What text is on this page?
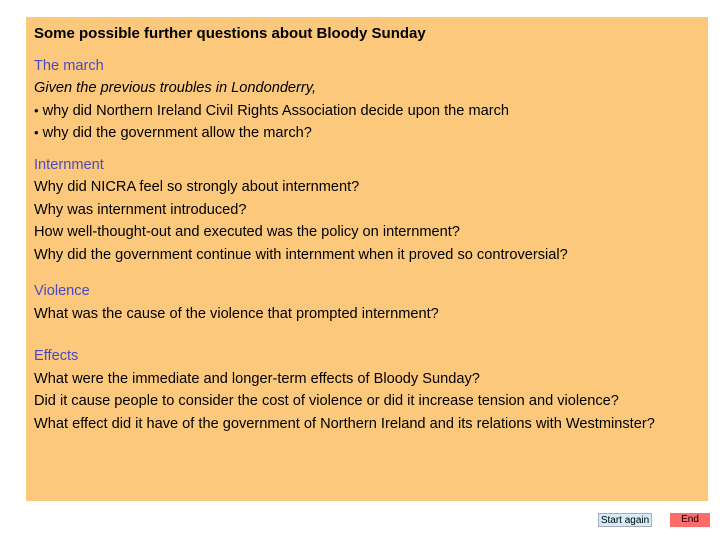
Some possible further questions about Bloody Sunday
The march
Given the previous troubles in Londonderry,
• why did Northern Ireland Civil Rights Association decide upon the march
• why did the government allow the march?
Internment
Why did NICRA feel so strongly about internment?
Why was internment introduced?
How well-thought-out and executed was the policy on internment?
Why did the government continue with internment when it proved so controversial?
Violence
What was the cause of the violence that prompted internment?
Effects
What were the immediate and longer-term effects of Bloody Sunday?
Did it cause people to consider the cost of violence or did it increase tension and violence?
What effect did it have of the government of Northern Ireland and its relations with Westminster?
Start again	End
